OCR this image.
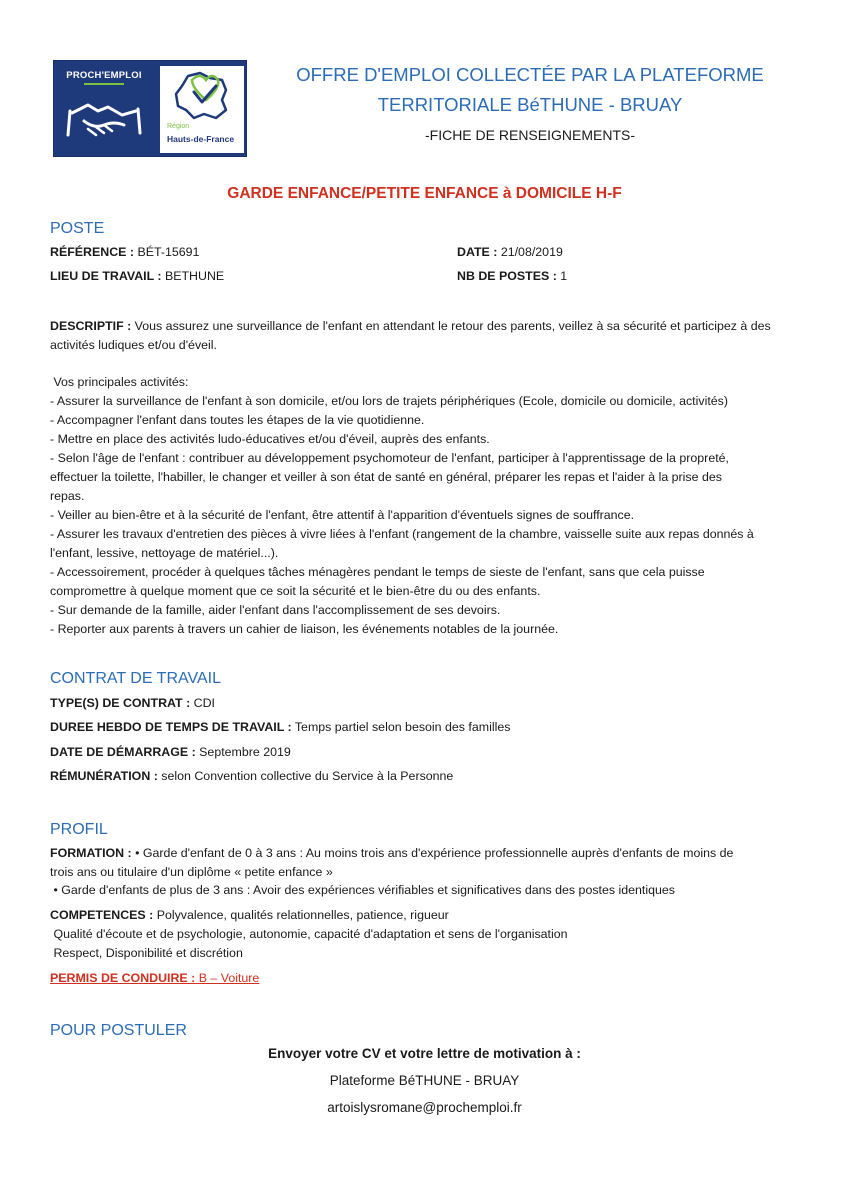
PROCH'EMPLOI
Région
Hauts-de-France
OFFRE D'EMPLOI COLLECTÉE PAR LA PLATEFORME
TERRITORIALE BéTHUNE - BRUAY
-FICHE DE RENSEIGNEMENTS-
GARDE ENFANCE/PETITE ENFANCE à DOMICILE H-F
POSTE
RÉFÉRENCE : BÉT-15691	DATE : 21/08/2019
LIEU DE TRAVAIL : BETHUNE	NB DE POSTES : 1
DESCRIPTIF : Vous assurez une surveillance de l'enfant en attendant le retour des parents, veillez à sa sécurité et participez à des
activités ludiques et/ou d'éveil.
Vos principales activités:
- Assurer la surveillance de l'enfant à son domicile, et/ou lors de trajets périphériques (Ecole, domicile ou domicile, activités)
- Accompagner l'enfant dans toutes les étapes de la vie quotidienne.
- Mettre en place des activités ludo-éducatives et/ou d'éveil, auprès des enfants.
- Selon l'âge de l'enfant : contribuer au développement psychomoteur de l'enfant, participer à l'apprentissage de la propreté,
effectuer la toilette, l'habiller, le changer et veiller à son état de santé en général, préparer les repas et l'aider à la prise des
repas.
- Veiller au bien-être et à la sécurité de l'enfant, être attentif à l'apparition d'éventuels signes de souffrance.
- Assurer les travaux d'entretien des pièces à vivre liées à l'enfant (rangement de la chambre, vaisselle suite aux repas donnés à
l'enfant, lessive, nettoyage de matériel...).
- Accessoirement, procéder à quelques tâches ménagères pendant le temps de sieste de l'enfant, sans que cela puisse
compromettre à quelque moment que ce soit la sécurité et le bien-être du ou des enfants.
- Sur demande de la famille, aider l'enfant dans l'accomplissement de ses devoirs.
- Reporter aux parents à travers un cahier de liaison, les événements notables de la journée.
CONTRAT DE TRAVAIL
TYPE(S) DE CONTRAT : CDI
DUREE HEBDO DE TEMPS DE TRAVAIL : Temps partiel selon besoin des familles
DATE DE DÉMARRAGE : Septembre 2019
RÉMUNÉRATION : selon Convention collective du Service à la Personne
PROFIL
FORMATION : • Garde d'enfant de 0 à 3 ans : Au moins trois ans d'expérience professionnelle auprès d'enfants de moins de
trois ans ou titulaire d'un diplôme « petite enfance »
• Garde d'enfants de plus de 3 ans : Avoir des expériences vérifiables et significatives dans des postes identiques
COMPETENCES : Polyvalence, qualités relationnelles, patience, rigueur
Qualité d'écoute et de psychologie, autonomie, capacité d'adaptation et sens de l'organisation
Respect, Disponibilité et discrétion
PERMIS DE CONDUIRE : B – Voiture
POUR POSTULER
Envoyer votre CV et votre lettre de motivation à :
Plateforme BéTHUNE - BRUAY
artoislysromane@prochemploi.fr
